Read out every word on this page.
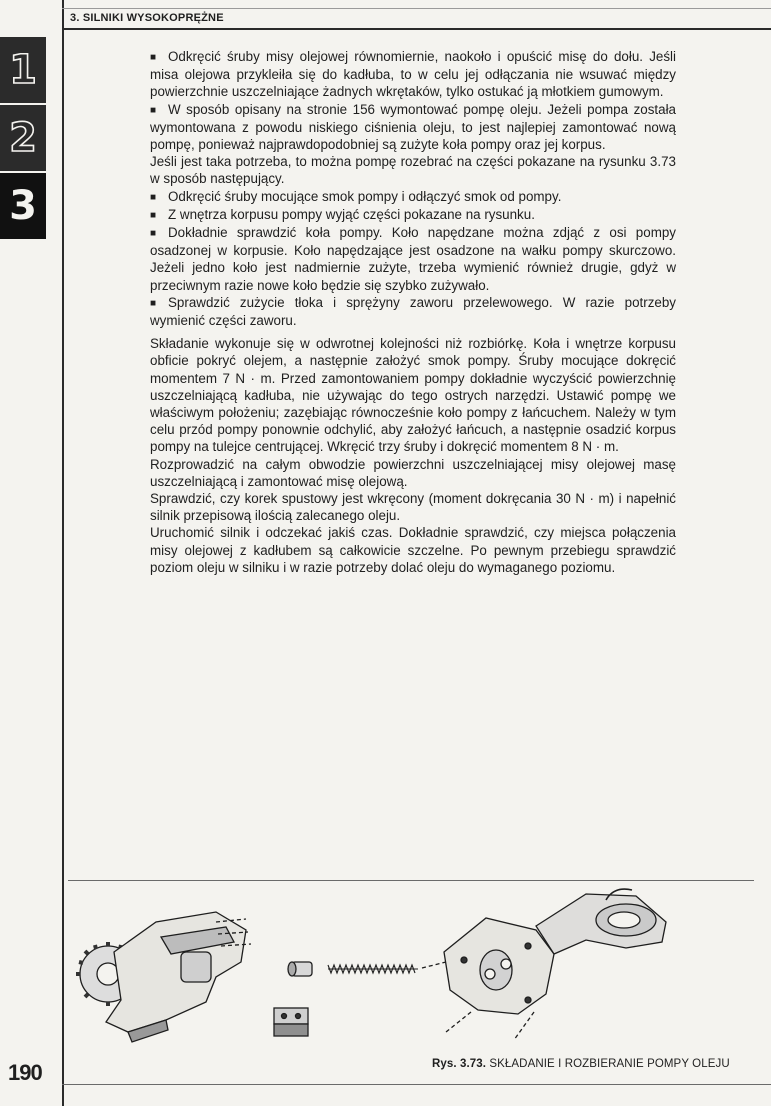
3. SILNIKI WYSOKOPRĘŻNE
1
2
3

■ Odkręcić śruby misy olejowej równomiernie, naokoło i opuścić misę do dołu. Jeśli misa olejowa przykleiła się do kadłuba, to w celu jej odłączania nie wsuwać między powierzchnie uszczelniające żadnych wkrętaków, tylko ostukać ją młotkiem gumowym.

■ W sposób opisany na stronie 156 wymontować pompę oleju. Jeżeli pompa została wymontowana z powodu niskiego ciśnienia oleju, to jest najlepiej zamontować nową pompę, ponieważ najprawdopodobniej są zużyte koła pompy oraz jej korpus.

Jeśli jest taka potrzeba, to można pompę rozebrać na części pokazane na rysunku 3.73 w sposób następujący.

■ Odkręcić śruby mocujące smok pompy i odłączyć smok od pompy.

■ Z wnętrza korpusu pompy wyjąć części pokazane na rysunku.

■ Dokładnie sprawdzić koła pompy. Koło napędzane można zdjąć z osi pompy osadzonej w korpusie. Koło napędzające jest osadzone na wałku pompy skurczowo. Jeżeli jedno koło jest nadmiernie zużyte, trzeba wymienić również drugie, gdyż w przeciwnym razie nowe koło będzie się szybko zużywało.

■ Sprawdzić zużycie tłoka i sprężyny zaworu przelewowego. W razie potrzeby wymienić części zaworu.

Składanie wykonuje się w odwrotnej kolejności niż rozbiórkę. Koła i wnętrze korpusu obficie pokryć olejem, a następnie założyć smok pompy. Śruby mocujące dokręcić momentem 7 N · m. Przed zamontowaniem pompy dokładnie wyczyścić powierzchnię uszczelniającą kadłuba, nie używając do tego ostrych narzędzi. Ustawić pompę we właściwym położeniu; zazębiając równocześnie koło pompy z łańcuchem. Należy w tym celu przód pompy ponownie odchylić, aby założyć łańcuch, a następnie osadzić korpus pompy na tulejce centrującej. Wkręcić trzy śruby i dokręcić momentem 8 N · m.

Rozprowadzić na całym obwodzie powierzchni uszczelniającej misy olejowej masę uszczelniającą i zamontować misę olejową.

Sprawdzić, czy korek spustowy jest wkręcony (moment dokręcania 30 N · m) i napełnić silnik przepisową ilością zalecanego oleju.

Uruchomić silnik i odczekać jakiś czas. Dokładnie sprawdzić, czy miejsca połączenia misy olejowej z kadłubem są całkowicie szczelne. Po pewnym przebiegu sprawdzić poziom oleju w silniku i w razie potrzeby dolać oleju do wymaganego poziomu.

Rys. 3.73. SKŁADANIE I ROZBIERANIE POMPY OLEJU
190
